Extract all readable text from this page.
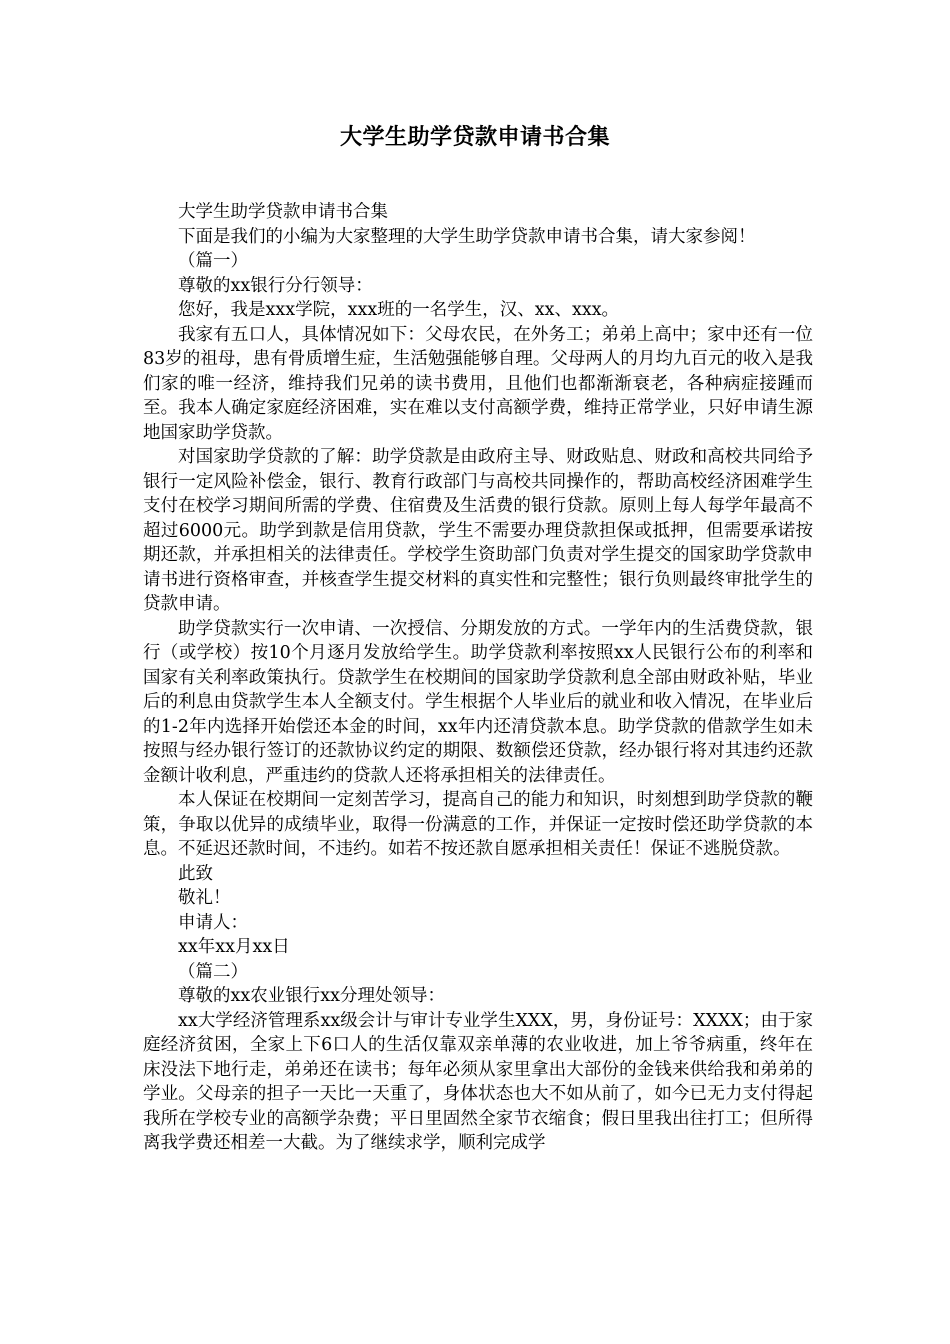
大学生助学贷款申请书合集

大学生助学贷款申请书合集

下面是我们的小编为大家整理的大学生助学贷款申请书合集，请大家参阅！

（篇一）

尊敬的xx银行分行领导：

您好，我是xxx学院，xxx班的一名学生，汉、xx、xxx。

我家有五口人，具体情况如下：父母农民，在外务工；弟弟上高中；家中还有一位83岁的祖母，患有骨质增生症，生活勉强能够自理。父母两人的月均九百元的收入是我们家的唯一经济，维持我们兄弟的读书费用，且他们也都渐渐衰老，各种病症接踵而至。我本人确定家庭经济困难，实在难以支付高额学费，维持正常学业，只好申请生源地国家助学贷款。

对国家助学贷款的了解：助学贷款是由政府主导、财政贴息、财政和高校共同给予银行一定风险补偿金，银行、教育行政部门与高校共同操作的，帮助高校经济困难学生支付在校学习期间所需的学费、住宿费及生活费的银行贷款。原则上每人每学年最高不超过6000元。助学到款是信用贷款，学生不需要办理贷款担保或抵押，但需要承诺按期还款，并承担相关的法律责任。学校学生资助部门负责对学生提交的国家助学贷款申请书进行资格审查，并核查学生提交材料的真实性和完整性；银行负则最终审批学生的贷款申请。

助学贷款实行一次申请、一次授信、分期发放的方式。一学年内的生活费贷款，银行（或学校）按10个月逐月发放给学生。助学贷款利率按照xx人民银行公布的利率和国家有关利率政策执行。贷款学生在校期间的国家助学贷款利息全部由财政补贴，毕业后的利息由贷款学生本人全额支付。学生根据个人毕业后的就业和收入情况，在毕业后的1-2年内选择开始偿还本金的时间，xx年内还清贷款本息。助学贷款的借款学生如未按照与经办银行签订的还款协议约定的期限、数额偿还贷款，经办银行将对其违约还款金额计收利息，严重违约的贷款人还将承担相关的法律责任。

本人保证在校期间一定刻苦学习，提高自己的能力和知识，时刻想到助学贷款的鞭策，争取以优异的成绩毕业，取得一份满意的工作，并保证一定按时偿还助学贷款的本息。不延迟还款时间，不违约。如若不按还款自愿承担相关责任！保证不逃脱贷款。

此致

敬礼！

申请人：

xx年xx月xx日

（篇二）

尊敬的xx农业银行xx分理处领导：

xx大学经济管理系xx级会计与审计专业学生XXX，男，身份证号：XXXX；由于家庭经济贫困，全家上下6口人的生活仅靠双亲单薄的农业收进，加上爷爷病重，终年在床没法下地行走，弟弟还在读书；每年必须从家里拿出大部份的金钱来供给我和弟弟的学业。父母亲的担子一天比一天重了，身体状态也大不如从前了，如今已无力支付得起我所在学校专业的高额学杂费；平日里固然全家节衣缩食；假日里我出往打工；但所得离我学费还相差一大截。为了继续求学，顺利完成学
